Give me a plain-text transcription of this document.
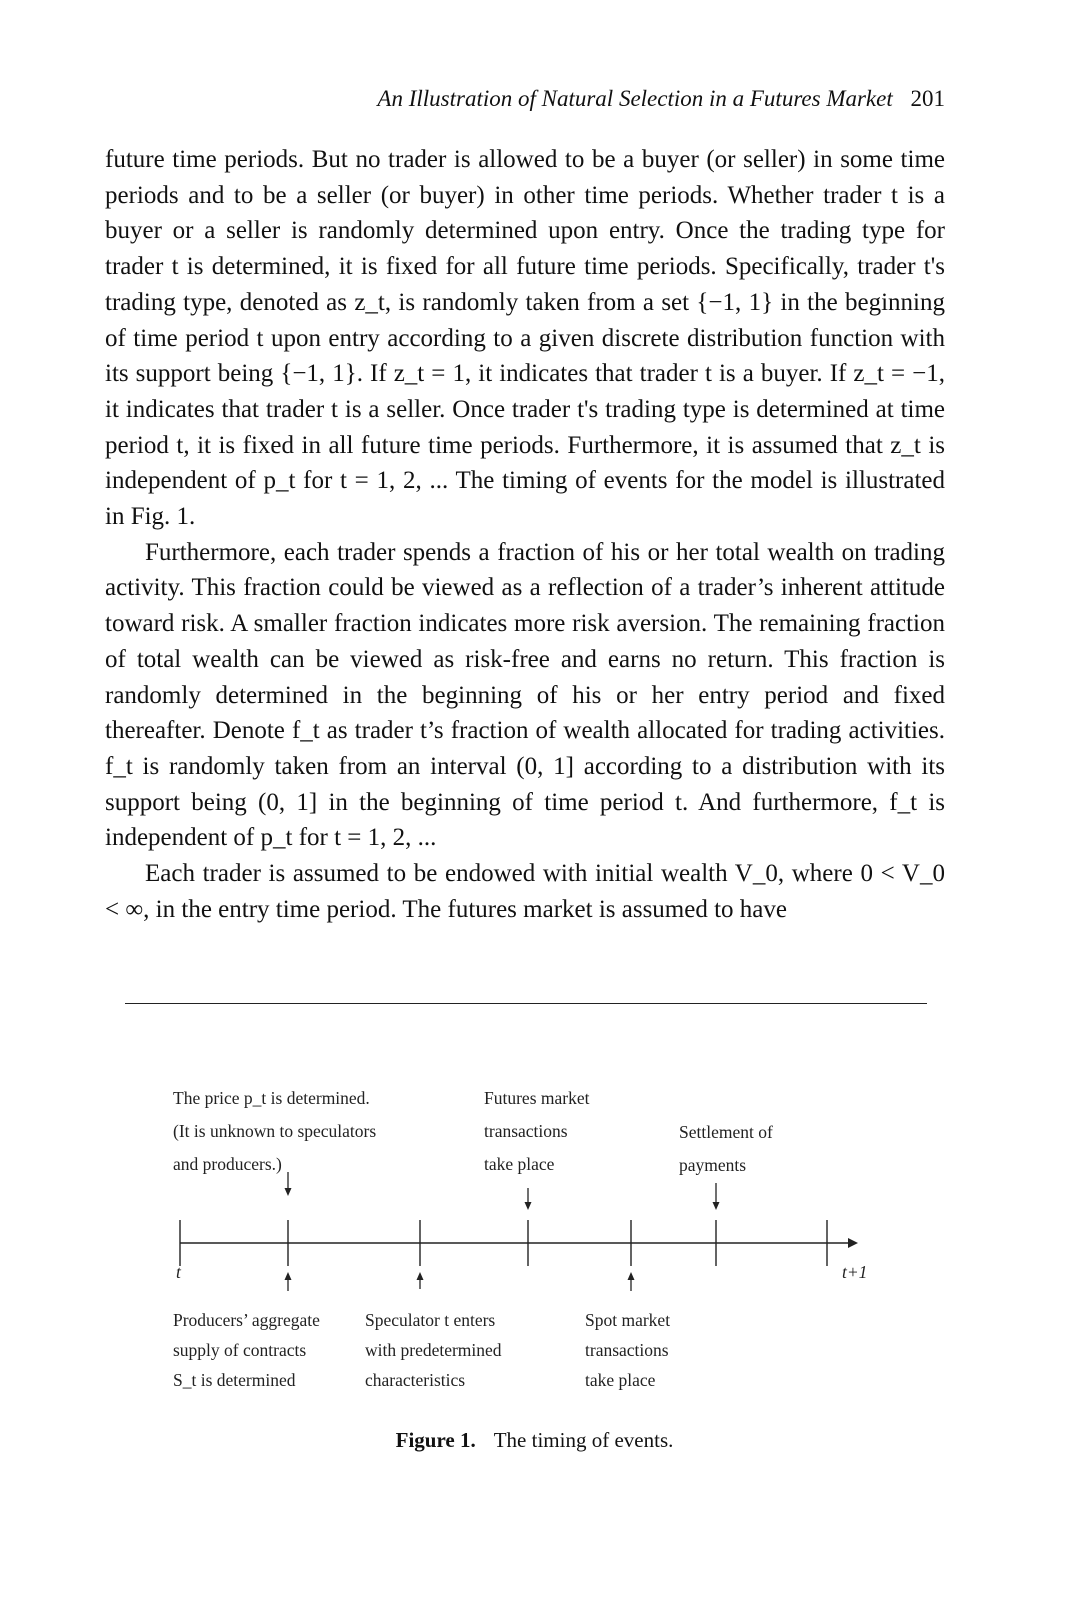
An Illustration of Natural Selection in a Futures Market 201

future time periods. But no trader is allowed to be a buyer (or seller) in some time periods and to be a seller (or buyer) in other time periods. Whether trader t is a buyer or a seller is randomly determined upon entry. Once the trading type for trader t is determined, it is fixed for all future time periods. Specifically, trader t's trading type, denoted as z_t, is randomly taken from a set {−1, 1} in the beginning of time period t upon entry according to a given discrete distribution function with its support being {−1, 1}. If z_t = 1, it indicates that trader t is a buyer. If z_t = −1, it indicates that trader t is a seller. Once trader t's trading type is determined at time period t, it is fixed in all future time periods. Furthermore, it is assumed that z_t is independent of p_t for t = 1, 2, ... The timing of events for the model is illustrated in Fig. 1.

Furthermore, each trader spends a fraction of his or her total wealth on trading activity. This fraction could be viewed as a reflection of a trader’s inherent attitude toward risk. A smaller fraction indicates more risk aversion. The remaining fraction of total wealth can be viewed as risk-free and earns no return. This fraction is randomly determined in the beginning of his or her entry period and fixed thereafter. Denote f_t as trader t’s fraction of wealth allocated for trading activities. f_t is randomly taken from an interval (0, 1] according to a distribution with its support being (0, 1] in the beginning of time period t. And furthermore, f_t is independent of p_t for t = 1, 2, ...

Each trader is assumed to be endowed with initial wealth V_0, where 0 < V_0 < ∞, in the entry time period. The futures market is assumed to have

The price p_t is determined.
(It is unknown to speculators
and producers.)
Futures market
transactions
take place
Settlement of
payments
t	t+1
Producers’ aggregate
supply of contracts
S_t is determined
Speculator t enters
with predetermined
characteristics
Spot market
transactions
take place
Figure 1. The timing of events.
